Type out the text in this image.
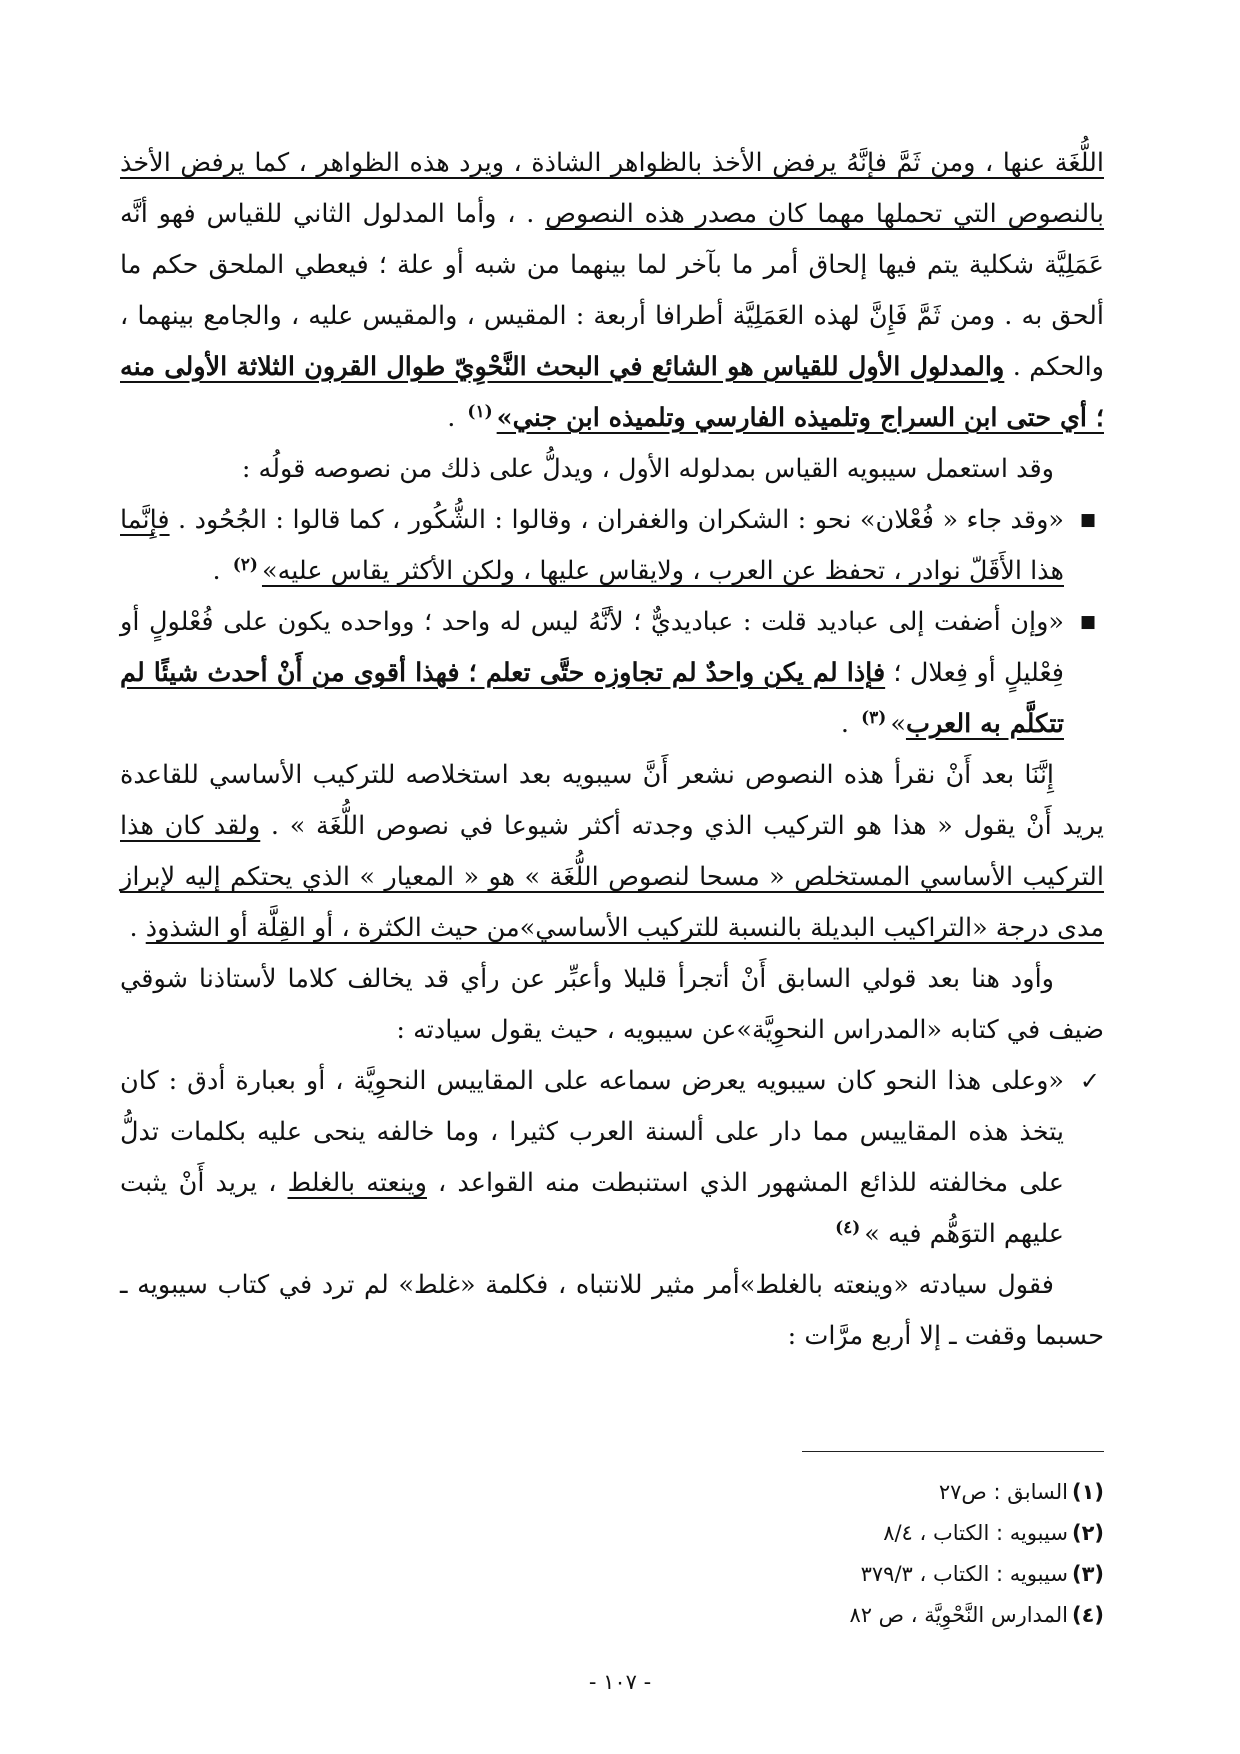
اللُّغَة عنها ، ومن ثَمَّ فإنَّهُ يرفض الأخذ بالظواهر الشاذة ، ويرد هذه الظواهر ، كما يرفض الأخذ بالنصوص التي تحملها مهما كان مصدر هذه النصوص . ، وأما المدلول الثاني للقياس فهو أنَّه عَمَلِيَّة شكلية يتم فيها إلحاق أمر ما بآخر لما بينهما من شبه أو علة ؛ فيعطي الملحق حكم ما ألحق به . ومن ثَمَّ فَإِنَّ لهذه العَمَلِيَّة أطرافا أربعة : المقيس ، والمقيس عليه ، والجامع بينهما ، والحكم . والمدلول الأول للقياس هو الشائع في البحث النَّحْوِيّ طوال القرون الثلاثة الأولى منه ؛ أي حتى ابن السراج وتلميذه الفارسي وتلميذه ابن جني»$^{(١)}$ .

وقد استعمل سيبويه القياس بمدلوله الأول ، ويدلُّ على ذلك من نصوصه قولُه :

■
«وقد جاء « فُعْلان» نحو : الشكران والغفران ، وقالوا : الشُّكُور ، كما قالوا : الجُحُود . فإِنَّما هذا الأَقَلّ نوادر ، تحفظ عن العرب ، ولايقاس عليها ، ولكن الأكثر يقاس عليه»$^{(٢)}$ .
■
«وإن أضفت إلى عباديد قلت : عباديديٌّ ؛ لأنَّهُ ليس له واحد ؛ وواحده يكون على فُعْلولٍ أو فِعْليلٍ أو فِعلال ؛ فإذا لم يكن واحدٌ لم تجاوزه حتَّى تعلم ؛ فهذا أقوى من أَنْ أحدث شيئًا لم تتكلَّم به العرب»$^{(٣)}$ .

إِنَّنَا بعد أَنْ نقرأ هذه النصوص نشعر أَنَّ سيبويه بعد استخلاصه للتركيب الأساسي للقاعدة يريد أَنْ يقول « هذا هو التركيب الذي وجدته أكثر شيوعا في نصوص اللُّغَة » . ولقد كان هذا التركيب الأساسي المستخلص « مسحا لنصوص اللُّغَة » هو « المعيار » الذي يحتكم إليه لإبراز مدى درجة «التراكيب البديلة بالنسبة للتركيب الأساسي»من حيث الكثرة ، أو القِلَّة أو الشذوذ .

وأود هنا بعد قولي السابق أَنْ أتجرأ قليلا وأعبِّر عن رأي قد يخالف كلاما لأستاذنا شوقي ضيف في كتابه «المدراس النحوِيَّة»عن سيبويه ، حيث يقول سيادته :

✓
«وعلى هذا النحو كان سيبويه يعرض سماعه على المقاييس النحوِيَّة ، أو بعبارة أدق : كان يتخذ هذه المقاييس مما دار على ألسنة العرب كثيرا ، وما خالفه ينحى عليه بكلمات تدلُّ على مخالفته للذائع المشهور الذي استنبطت منه القواعد ، وينعته بالغلط ، يريد أَنْ يثبت عليهم التوَهُّم فيه »$^{(٤)}$

فقول سيادته «وينعته بالغلط»أمر مثير للانتباه ، فكلمة «غلط» لم ترد في كتاب سيبويه ـ حسبما وقفت ـ إلا أربع مرَّات :

(١)السابق : ص٢٧

(٢)سيبويه : الكتاب ، ٨/٤

(٣)سيبويه : الكتاب ، ٣٧٩/٣

(٤)المدارس النَّحْوِيَّة ، ص ٨٢

- ١٠٧ -
